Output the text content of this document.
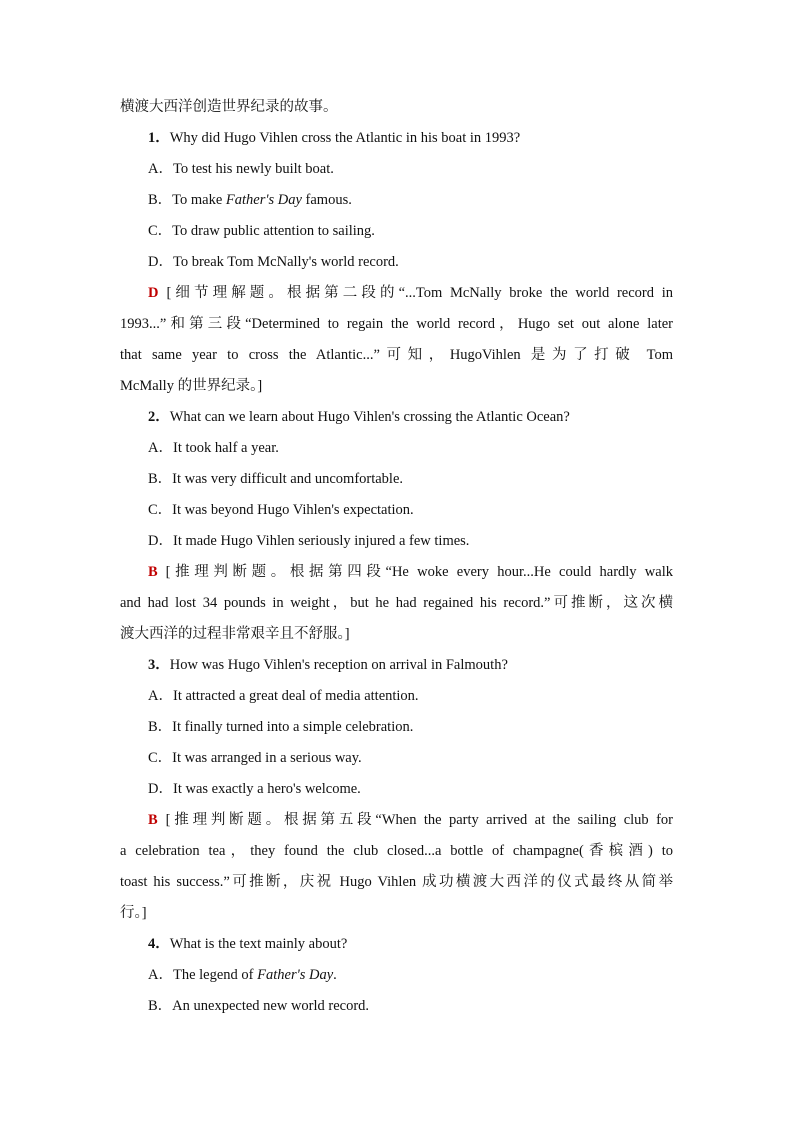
横渡大西洋创造世界纪录的故事。
1．Why did Hugo Vihlen cross the Atlantic in his boat in 1993?
A．To test his newly built boat.
B．To make Father's Day famous.
C．To draw public attention to sailing.
D．To break Tom McNally's world record.
D [细节理解题。根据第二段的“...Tom McNally broke the world record in
1993...”和第三段“Determined to regain the world record，Hugo set out alone later
that same year to cross the Atlantic...”可知，HugoVihlen 是为了打破 Tom
McMally 的世界纪录。]
2．What can we learn about Hugo Vihlen's crossing the Atlantic Ocean?
A．It took half a year.
B．It was very difficult and uncomfortable.
C．It was beyond Hugo Vihlen's expectation.
D．It made Hugo Vihlen seriously injured a few times.
B [推理判断题。根据第四段“He woke every hour...He could hardly walk
and had lost 34 pounds in weight，but he had regained his record.”可推断，这次横
渡大西洋的过程非常艰辛且不舒服。]
3．How was Hugo Vihlen's reception on arrival in Falmouth?
A．It attracted a great deal of media attention.
B．It finally turned into a simple celebration.
C．It was arranged in a serious way.
D．It was exactly a hero's welcome.
B [推理判断题。根据第五段“When the party arrived at the sailing club for
a celebration tea，they found the club closed...a bottle of champagne(香槟酒) to
toast his success.”可推断，庆祝 Hugo Vihlen 成功横渡大西洋的仪式最终从简举
行。]
4．What is the text mainly about?
A．The legend of Father's Day.
B．An unexpected new world record.
